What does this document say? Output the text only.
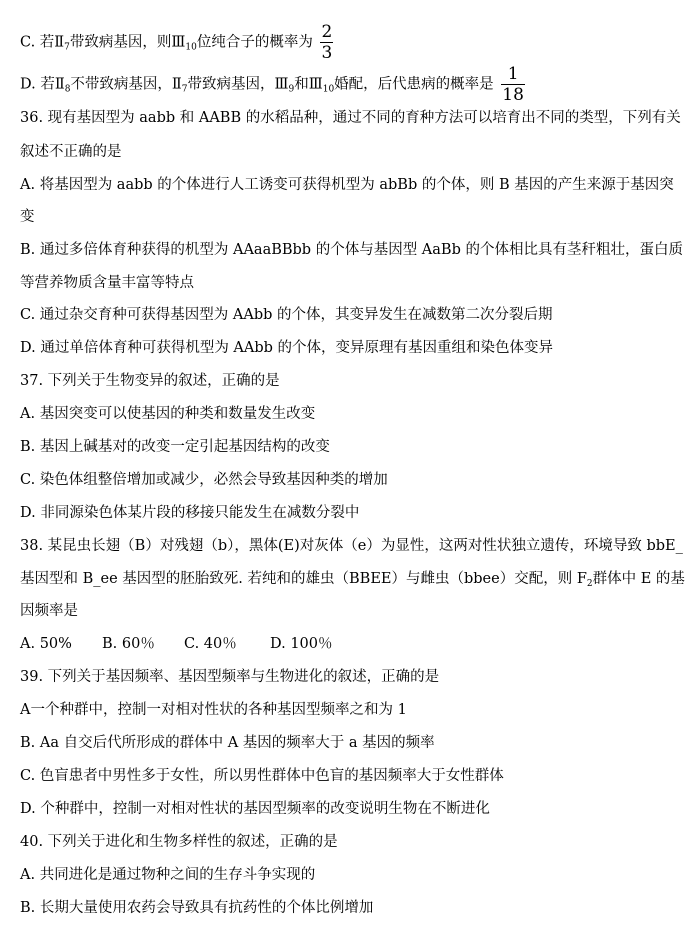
C. 若$Ⅱ_7$带致病基因，则$Ⅲ_{10}$位纯合子的概率为 $\frac{2}{3}$
D. 若$Ⅱ_8$不带致病基因，$Ⅱ_7$带致病基因，$Ⅲ_9$和$Ⅲ_{10}$婚配，后代患病的概率是 $\frac{1}{18}$
36. 现有基因型为 aabb 和 AABB 的水稻品种，通过不同的育种方法可以培育出不同的类型，下列有关
叙述不正确的是
A. 将基因型为 aabb 的个体进行人工诱变可获得机型为 abBb 的个体，则 B 基因的产生来源于基因突
变
B. 通过多倍体育种获得的机型为 AAaaBBbb 的个体与基因型 AaBb 的个体相比具有茎秆粗壮，蛋白质
等营养物质含量丰富等特点
C. 通过杂交育种可获得基因型为 AAbb 的个体，其变异发生在减数第二次分裂后期
D. 通过单倍体育种可获得机型为 AAbb 的个体，变异原理有基因重组和染色体变异
37. 下列关于生物变异的叙述，正确的是
A. 基因突变可以使基因的种类和数量发生改变
B. 基因上碱基对的改变一定引起基因结构的改变
C. 染色体组整倍增加或减少，必然会导致基因种类的增加
D. 非同源染色体某片段的移接只能发生在减数分裂中
38. 某昆虫长翅（B）对残翅（b），黑体(E)对灰体（e）为显性，这两对性状独立遗传，环境导致 bbE_
基因型和 B_ee 基因型的胚胎致死. 若纯和的雄虫（BBEE）与雌虫（bbee）交配，则 $F_2$群体中 E 的基
因频率是
A. 50% B. 60％ C. 40％ D. 100％
39. 下列关于基因频率、基因型频率与生物进化的叙述，正确的是
A一个种群中，控制一对相对性状的各种基因型频率之和为 1
B. Aa 自交后代所形成的群体中 A 基因的频率大于 a 基因的频率
C. 色盲患者中男性多于女性，所以男性群体中色盲的基因频率大于女性群体
D. 个种群中，控制一对相对性状的基因型频率的改变说明生物在不断进化
40. 下列关于进化和生物多样性的叙述，正确的是
A. 共同进化是通过物种之间的生存斗争实现的
B. 长期大量使用农药会导致具有抗药性的个体比例增加
